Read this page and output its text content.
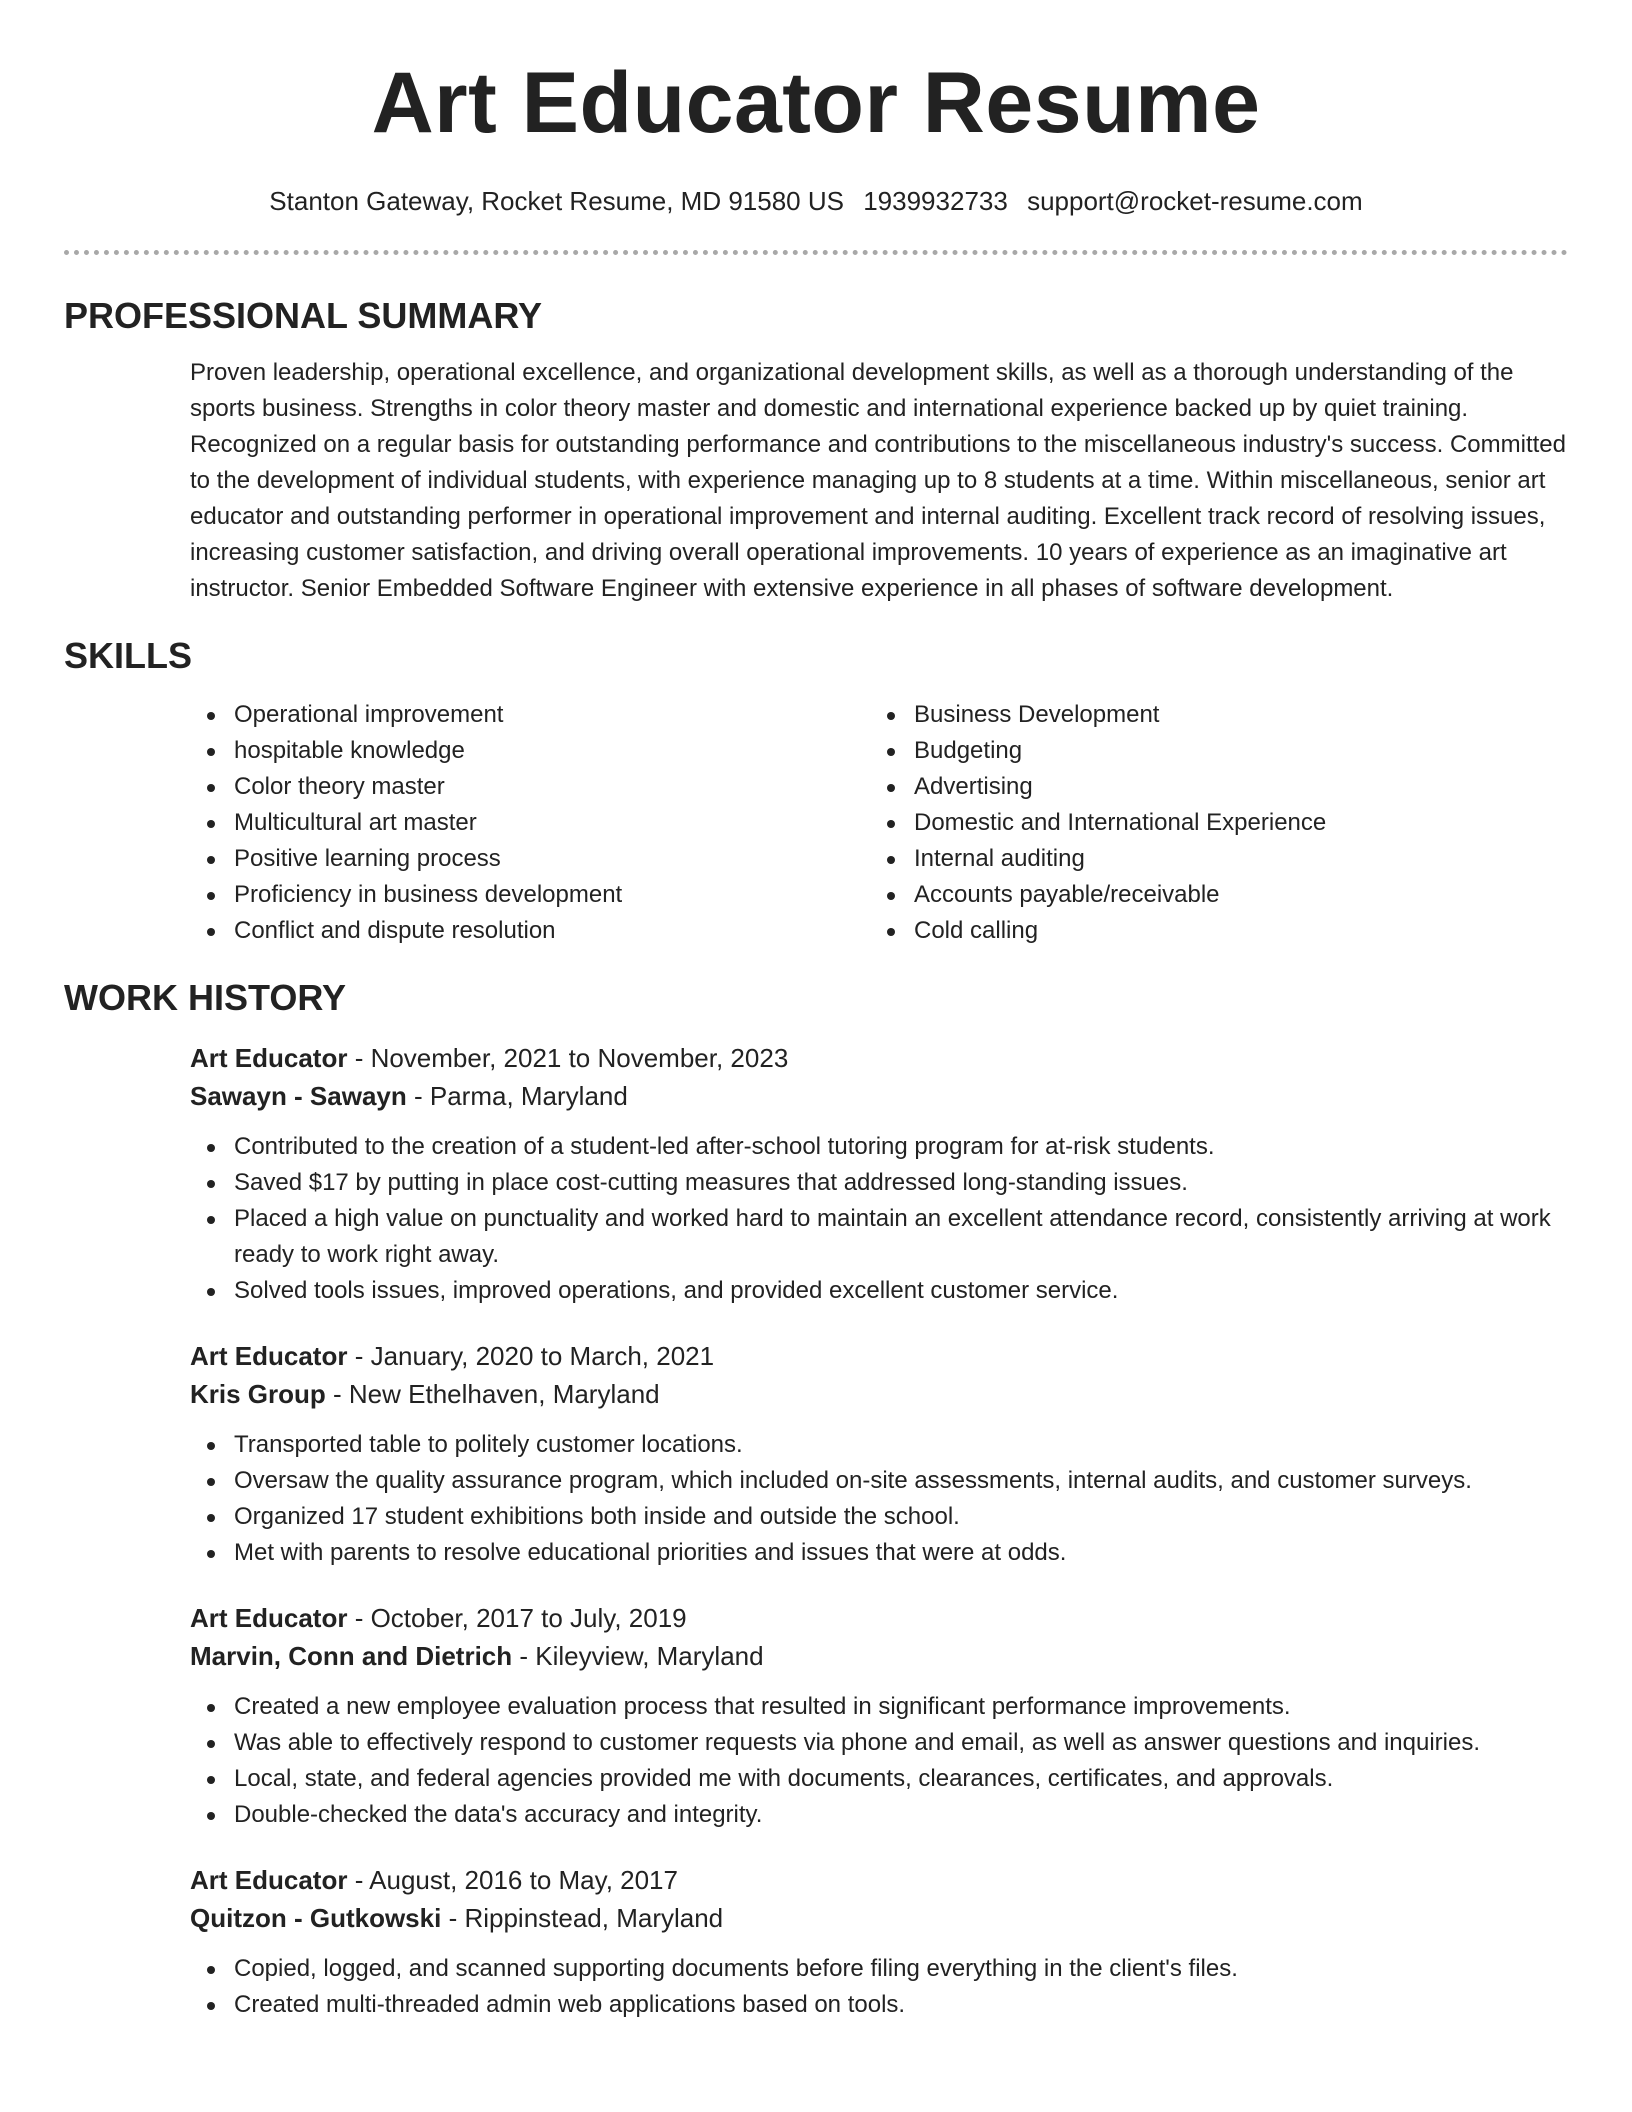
Art Educator Resume
Stanton Gateway, Rocket Resume, MD 91580 US 1939932733 support@rocket-resume.com
PROFESSIONAL SUMMARY

Proven leadership, operational excellence, and organizational development skills, as well as a thorough understanding of the sports business. Strengths in color theory master and domestic and international experience backed up by quiet training. Recognized on a regular basis for outstanding performance and contributions to the miscellaneous industry's success. Committed to the development of individual students, with experience managing up to 8 students at a time. Within miscellaneous, senior art educator and outstanding performer in operational improvement and internal auditing. Excellent track record of resolving issues, increasing customer satisfaction, and driving overall operational improvements. 10 years of experience as an imaginative art instructor. Senior Embedded Software Engineer with extensive experience in all phases of software development.

SKILLS
Operational improvement
hospitable knowledge
Color theory master
Multicultural art master
Positive learning process
Proficiency in business development
Conflict and dispute resolution
Business Development
Budgeting
Advertising
Domestic and International Experience
Internal auditing
Accounts payable/receivable
Cold calling
WORK HISTORY

Art Educator - November, 2021 to November, 2023

Sawayn - Sawayn - Parma, Maryland

Contributed to the creation of a student-led after-school tutoring program for at-risk students.
Saved $17 by putting in place cost-cutting measures that addressed long-standing issues.
Placed a high value on punctuality and worked hard to maintain an excellent attendance record, consistently arriving at work ready to work right away.
Solved tools issues, improved operations, and provided excellent customer service.

Art Educator - January, 2020 to March, 2021

Kris Group - New Ethelhaven, Maryland

Transported table to politely customer locations.
Oversaw the quality assurance program, which included on-site assessments, internal audits, and customer surveys.
Organized 17 student exhibitions both inside and outside the school.
Met with parents to resolve educational priorities and issues that were at odds.

Art Educator - October, 2017 to July, 2019

Marvin, Conn and Dietrich - Kileyview, Maryland

Created a new employee evaluation process that resulted in significant performance improvements.
Was able to effectively respond to customer requests via phone and email, as well as answer questions and inquiries.
Local, state, and federal agencies provided me with documents, clearances, certificates, and approvals.
Double-checked the data's accuracy and integrity.

Art Educator - August, 2016 to May, 2017

Quitzon - Gutkowski - Rippinstead, Maryland

Copied, logged, and scanned supporting documents before filing everything in the client's files.
Created multi-threaded admin web applications based on tools.
